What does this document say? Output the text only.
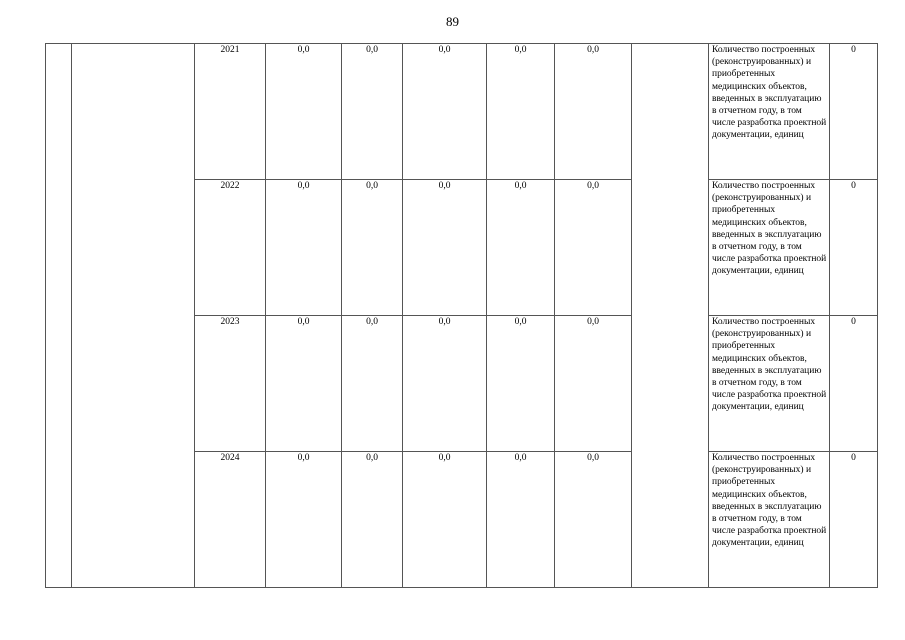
89
		2021	0,0	0,0	0,0	0,0	0,0		Количество построенных (реконструированных) и приобретенных медицинских объектов, введенных в эксплуатацию в отчетном году, в том числе разработка проектной документации, единиц	0
		2022	0,0	0,0	0,0	0,0	0,0		Количество построенных (реконструированных) и приобретенных медицинских объектов, введенных в эксплуатацию в отчетном году, в том числе разработка проектной документации, единиц	0
		2023	0,0	0,0	0,0	0,0	0,0		Количество построенных (реконструированных) и приобретенных медицинских объектов, введенных в эксплуатацию в отчетном году, в том числе разработка проектной документации, единиц	0
		2024	0,0	0,0	0,0	0,0	0,0		Количество построенных (реконструированных) и приобретенных медицинских объектов, введенных в эксплуатацию в отчетном году, в том числе разработка проектной документации, единиц	0
